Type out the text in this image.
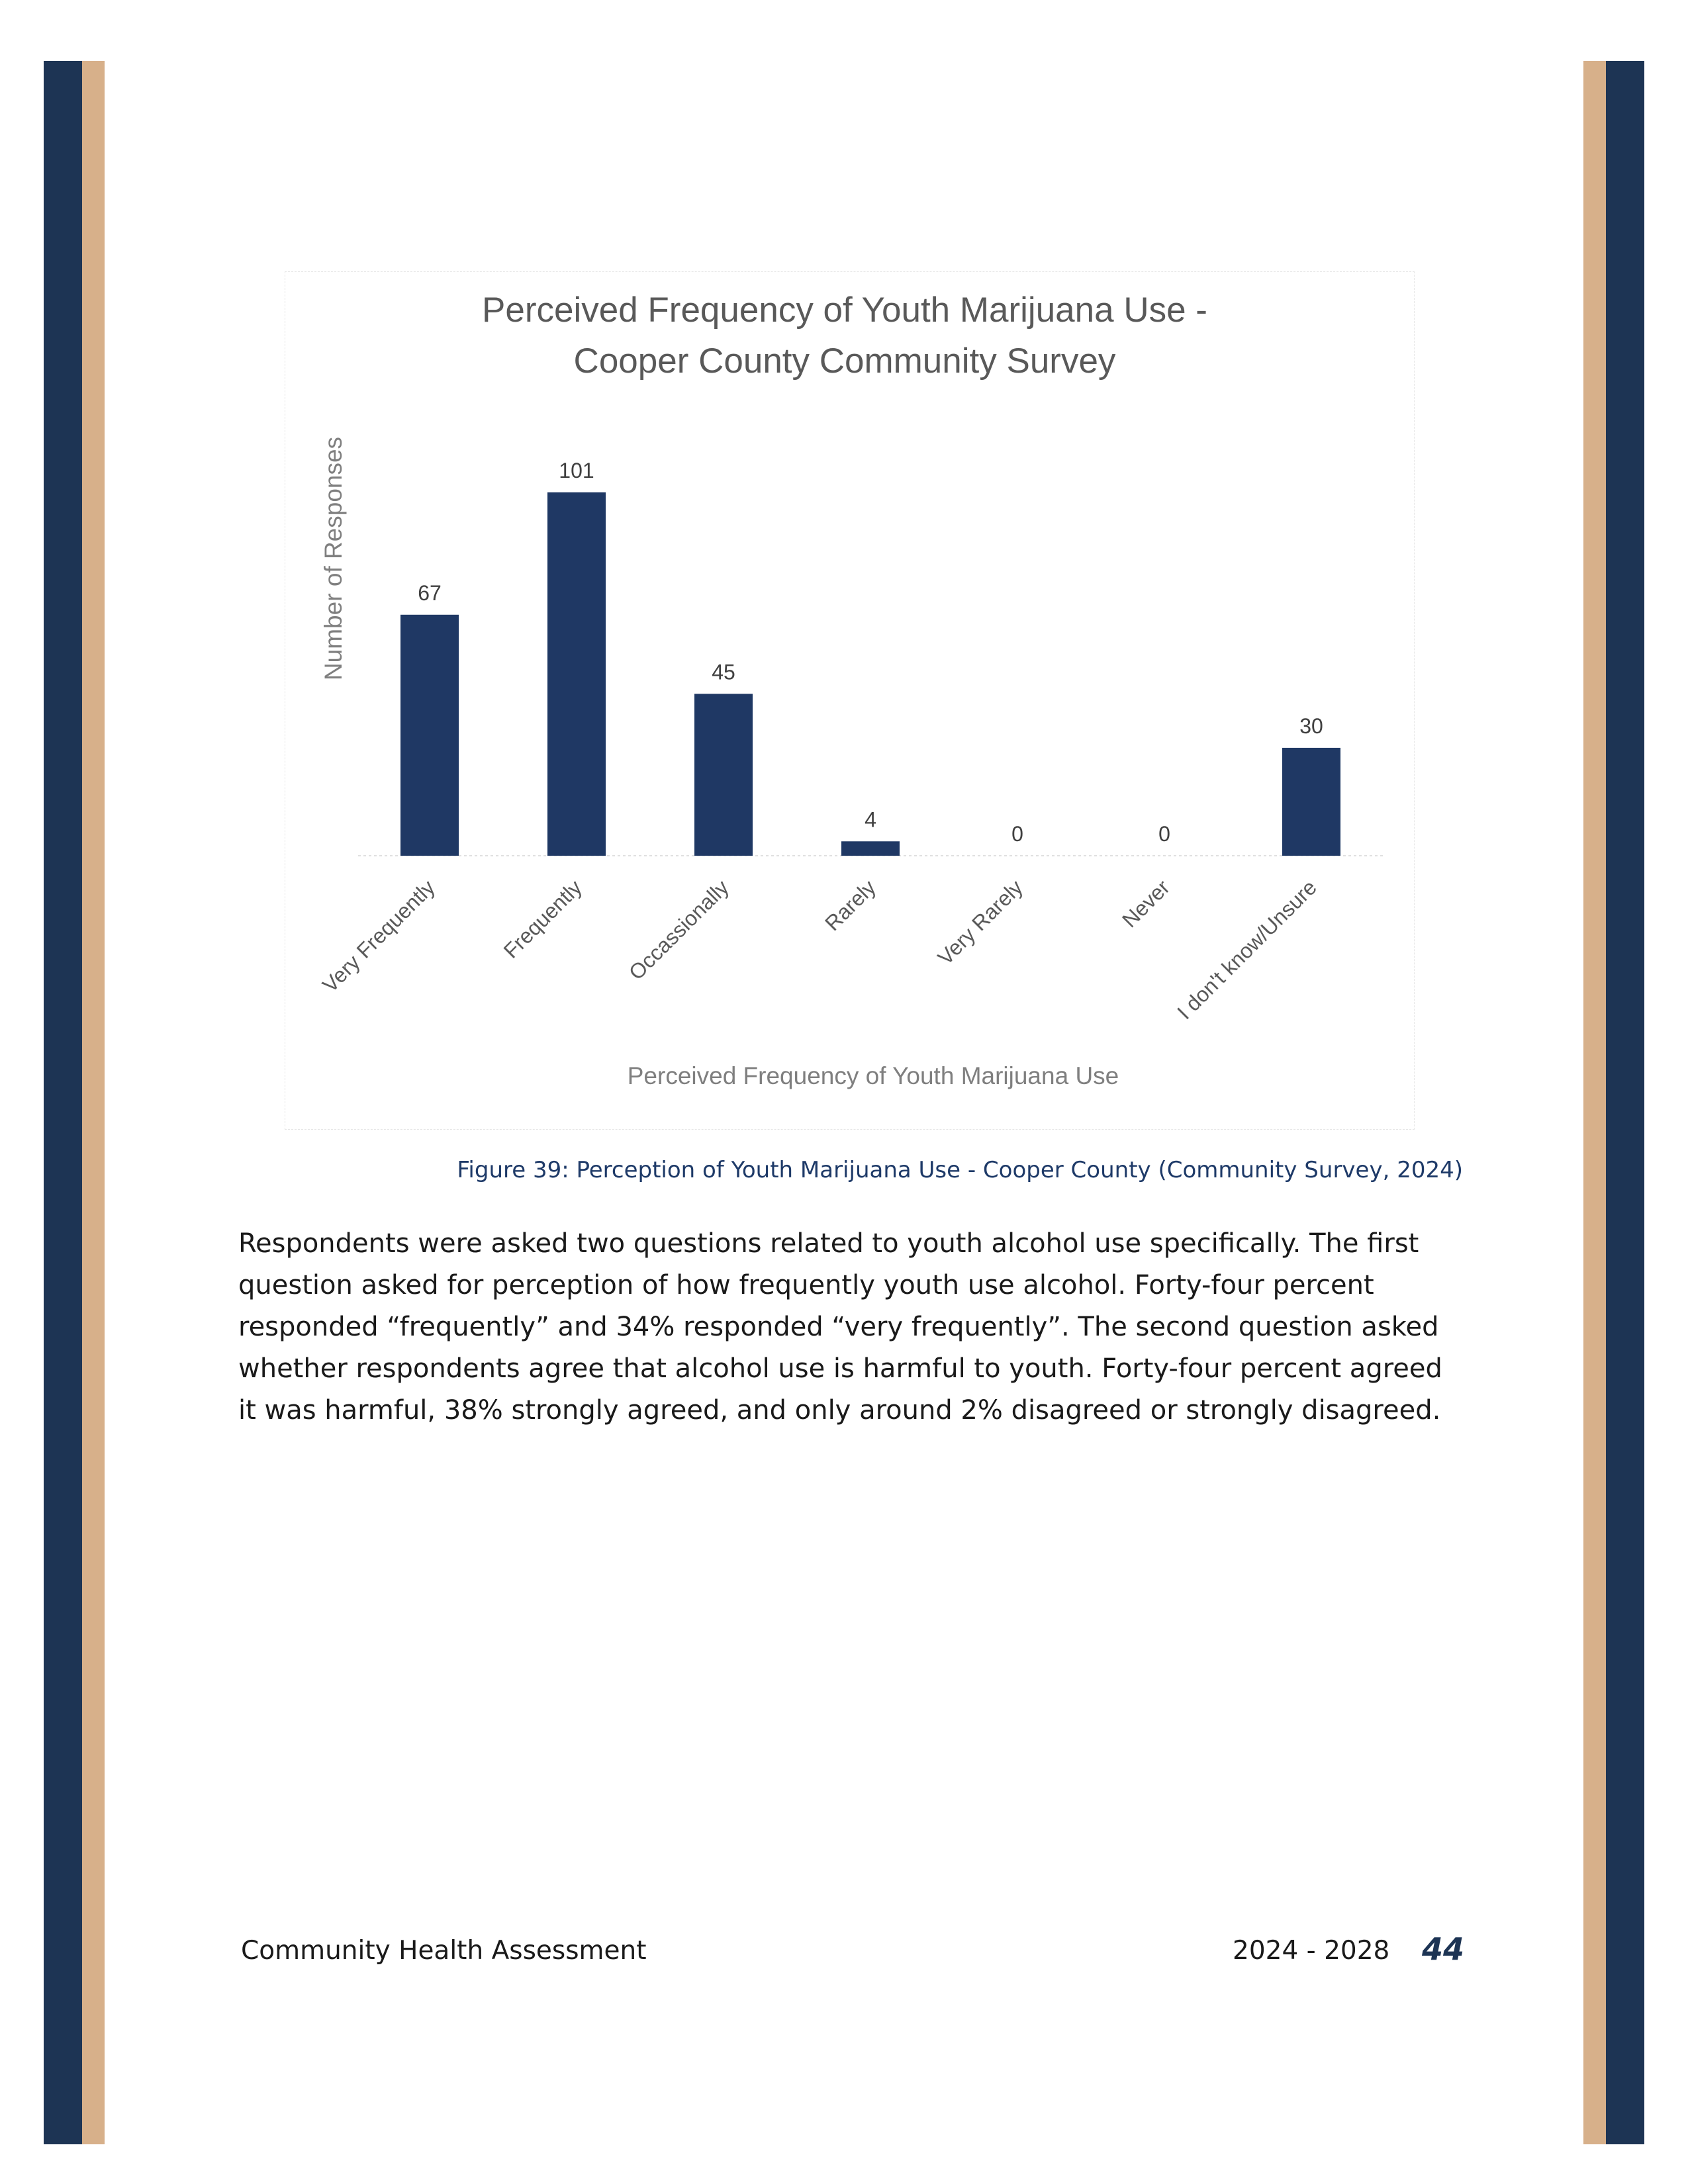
Perceived Frequency of Youth Marijuana Use -
Cooper County Community Survey
Number of Responses	67
Very Frequently
101
Frequently
45
Occassionally
4
Rarely
0
Very Rarely
0
Never
30
I don't know/Unsure
Perceived Frequency of Youth Marijuana Use
Figure 39: Perception of Youth Marijuana Use - Cooper County (Community Survey, 2024)

Respondents were asked two questions related to youth alcohol use specifically. The first question asked for perception of how frequently youth use alcohol. Forty-four percent responded “frequently” and 34% responded “very frequently”. The second question asked whether respondents agree that alcohol use is harmful to youth. Forty-four percent agreed it was harmful, 38% strongly agreed, and only around 2% disagreed or strongly disagreed.

Community Health Assessment	2024 - 2028 44
